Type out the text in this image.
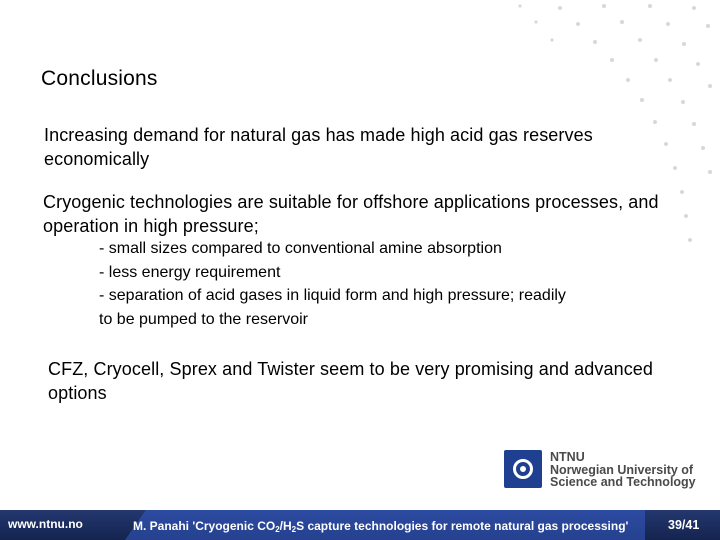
Conclusions
Increasing demand for natural gas has made high acid gas reserves economically
Cryogenic technologies are suitable for offshore applications processes, and operation in high pressure;
- small sizes compared to conventional amine absorption
- less energy requirement
- separation of acid gases in liquid form and high pressure; readily
to be pumped to the reservoir
CFZ, Cryocell, Sprex and Twister seem to be very promising and advanced options
NTNU
Norwegian University of
Science and Technology
www.ntnu.no	M. Panahi 'Cryogenic $CO_2/H_2S$ capture technologies for remote natural gas processing'	39/41
